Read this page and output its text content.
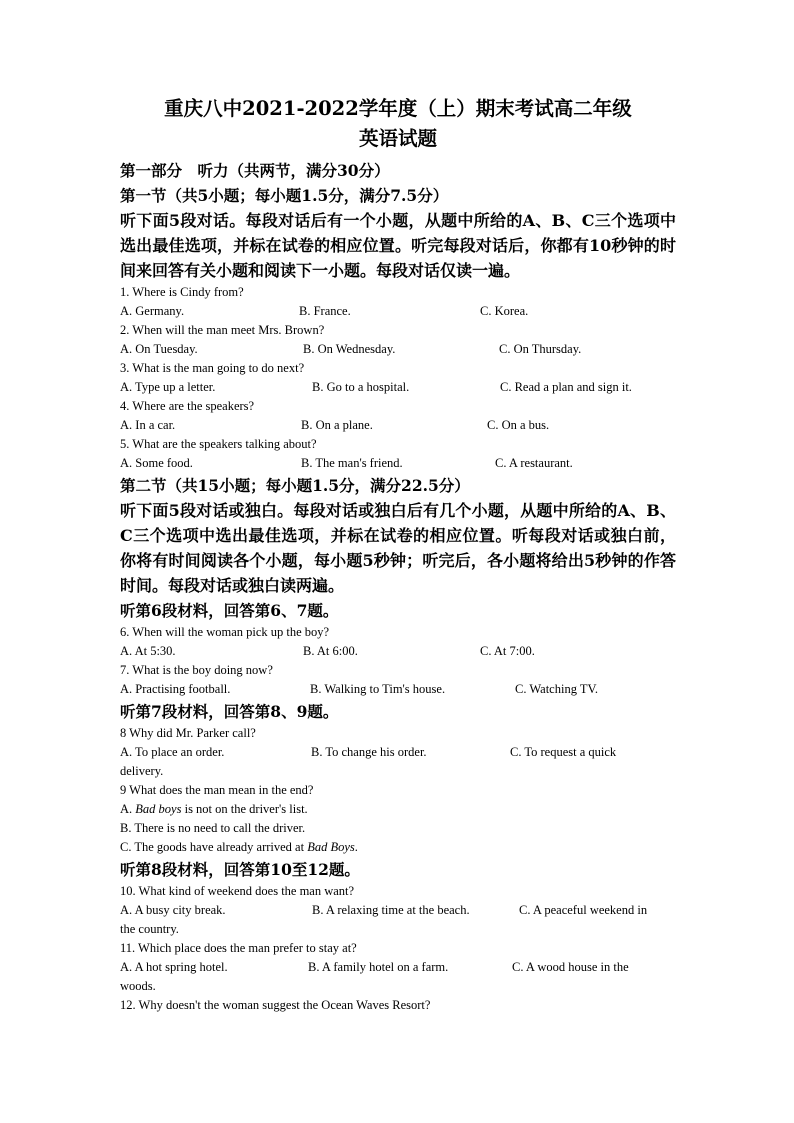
重庆八中2021-2022学年度（上）期末考试高二年级

英语试题

第一部分　听力（共两节，满分30分）

第一节（共5小题；每小题1.5分，满分7.5分）

听下面5段对话。每段对话后有一个小题，从题中所给的A、B、C三个选项中选出最佳选项，并标在试卷的相应位置。听完每段对话后，你都有10秒钟的时间来回答有关小题和阅读下一小题。每段对话仅读一遍。

1. Where is Cindy from?

A. Germany.	B. France.	C. Korea.

2. When will the man meet Mrs. Brown?

A. On Tuesday.	B. On Wednesday.	C. On Thursday.

3. What is the man going to do next?

A. Type up a letter.	B. Go to a hospital.	C. Read a plan and sign it.

4. Where are the speakers?

A. In a car.	B. On a plane.	C. On a bus.

5. What are the speakers talking about?

A. Some food.	B. The man's friend.	C. A restaurant.

第二节（共15小题；每小题1.5分，满分22.5分）

听下面5段对话或独白。每段对话或独白后有几个小题，从题中所给的A、B、C三个选项中选出最佳选项，并标在试卷的相应位置。听每段对话或独白前，你将有时间阅读各个小题，每小题5秒钟；听完后，各小题将给出5秒钟的作答时间。每段对话或独白读两遍。

听第6段材料，回答第6、7题。

6. When will the woman pick up the boy?

A. At 5:30.	B. At 6:00.	C. At 7:00.

7. What is the boy doing now?

A. Practising football.	B. Walking to Tim's house.	C. Watching TV.

听第7段材料，回答第8、9题。

8 Why did Mr. Parker call?

A. To place an order.	B. To change his order.	C. To request a quick

delivery.

9 What does the man mean in the end?

A. Bad boys is not on the driver's list.

B. There is no need to call the driver.

C. The goods have already arrived at Bad Boys.

听第8段材料，回答第10至12题。

10. What kind of weekend does the man want?

A. A busy city break.	B. A relaxing time at the beach.	C. A peaceful weekend in

the country.

11. Which place does the man prefer to stay at?

A. A hot spring hotel.	B. A family hotel on a farm.	C. A wood house in the

woods.

12. Why doesn't the woman suggest the Ocean Waves Resort?
